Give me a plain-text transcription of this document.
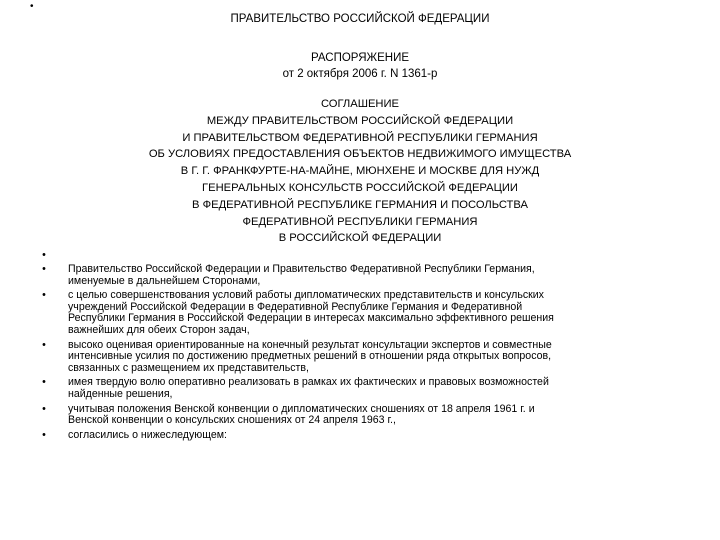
•
ПРАВИТЕЛЬСТВО РОССИЙСКОЙ ФЕДЕРАЦИИ
РАСПОРЯЖЕНИЕ
от 2 октября 2006 г. N 1361-р
СОГЛАШЕНИЕ
МЕЖДУ ПРАВИТЕЛЬСТВОМ РОССИЙСКОЙ ФЕДЕРАЦИИ
И ПРАВИТЕЛЬСТВОМ ФЕДЕРАТИВНОЙ РЕСПУБЛИКИ ГЕРМАНИЯ
ОБ УСЛОВИЯХ ПРЕДОСТАВЛЕНИЯ ОБЪЕКТОВ НЕДВИЖИМОГО ИМУЩЕСТВА
В Г. Г. ФРАНКФУРТЕ-НА-МАЙНЕ, МЮНХЕНЕ И МОСКВЕ ДЛЯ НУЖД
ГЕНЕРАЛЬНЫХ КОНСУЛЬСТВ РОССИЙСКОЙ ФЕДЕРАЦИИ
В ФЕДЕРАТИВНОЙ РЕСПУБЛИКЕ ГЕРМАНИЯ И ПОСОЛЬСТВА
ФЕДЕРАТИВНОЙ РЕСПУБЛИКИ ГЕРМАНИЯ
В РОССИЙСКОЙ ФЕДЕРАЦИИ
•
• Правительство Российской Федерации и Правительство Федеративной Республики Германия,
именуемые в дальнейшем Сторонами,
• с целью совершенствования условий работы дипломатических представительств и консульских
учреждений Российской Федерации в Федеративной Республике Германия и Федеративной
Республики Германия в Российской Федерации в интересах максимально эффективного решения
важнейших для обеих Сторон задач,
• высоко оценивая ориентированные на конечный результат консультации экспертов и совместные
интенсивные усилия по достижению предметных решений в отношении ряда открытых вопросов,
связанных с размещением их представительств,
• имея твердую волю оперативно реализовать в рамках их фактических и правовых возможностей
найденные решения,
• учитывая положения Венской конвенции о дипломатических сношениях от 18 апреля 1961 г. и
Венской конвенции о консульских сношениях от 24 апреля 1963 г.,
• согласились о нижеследующем:
